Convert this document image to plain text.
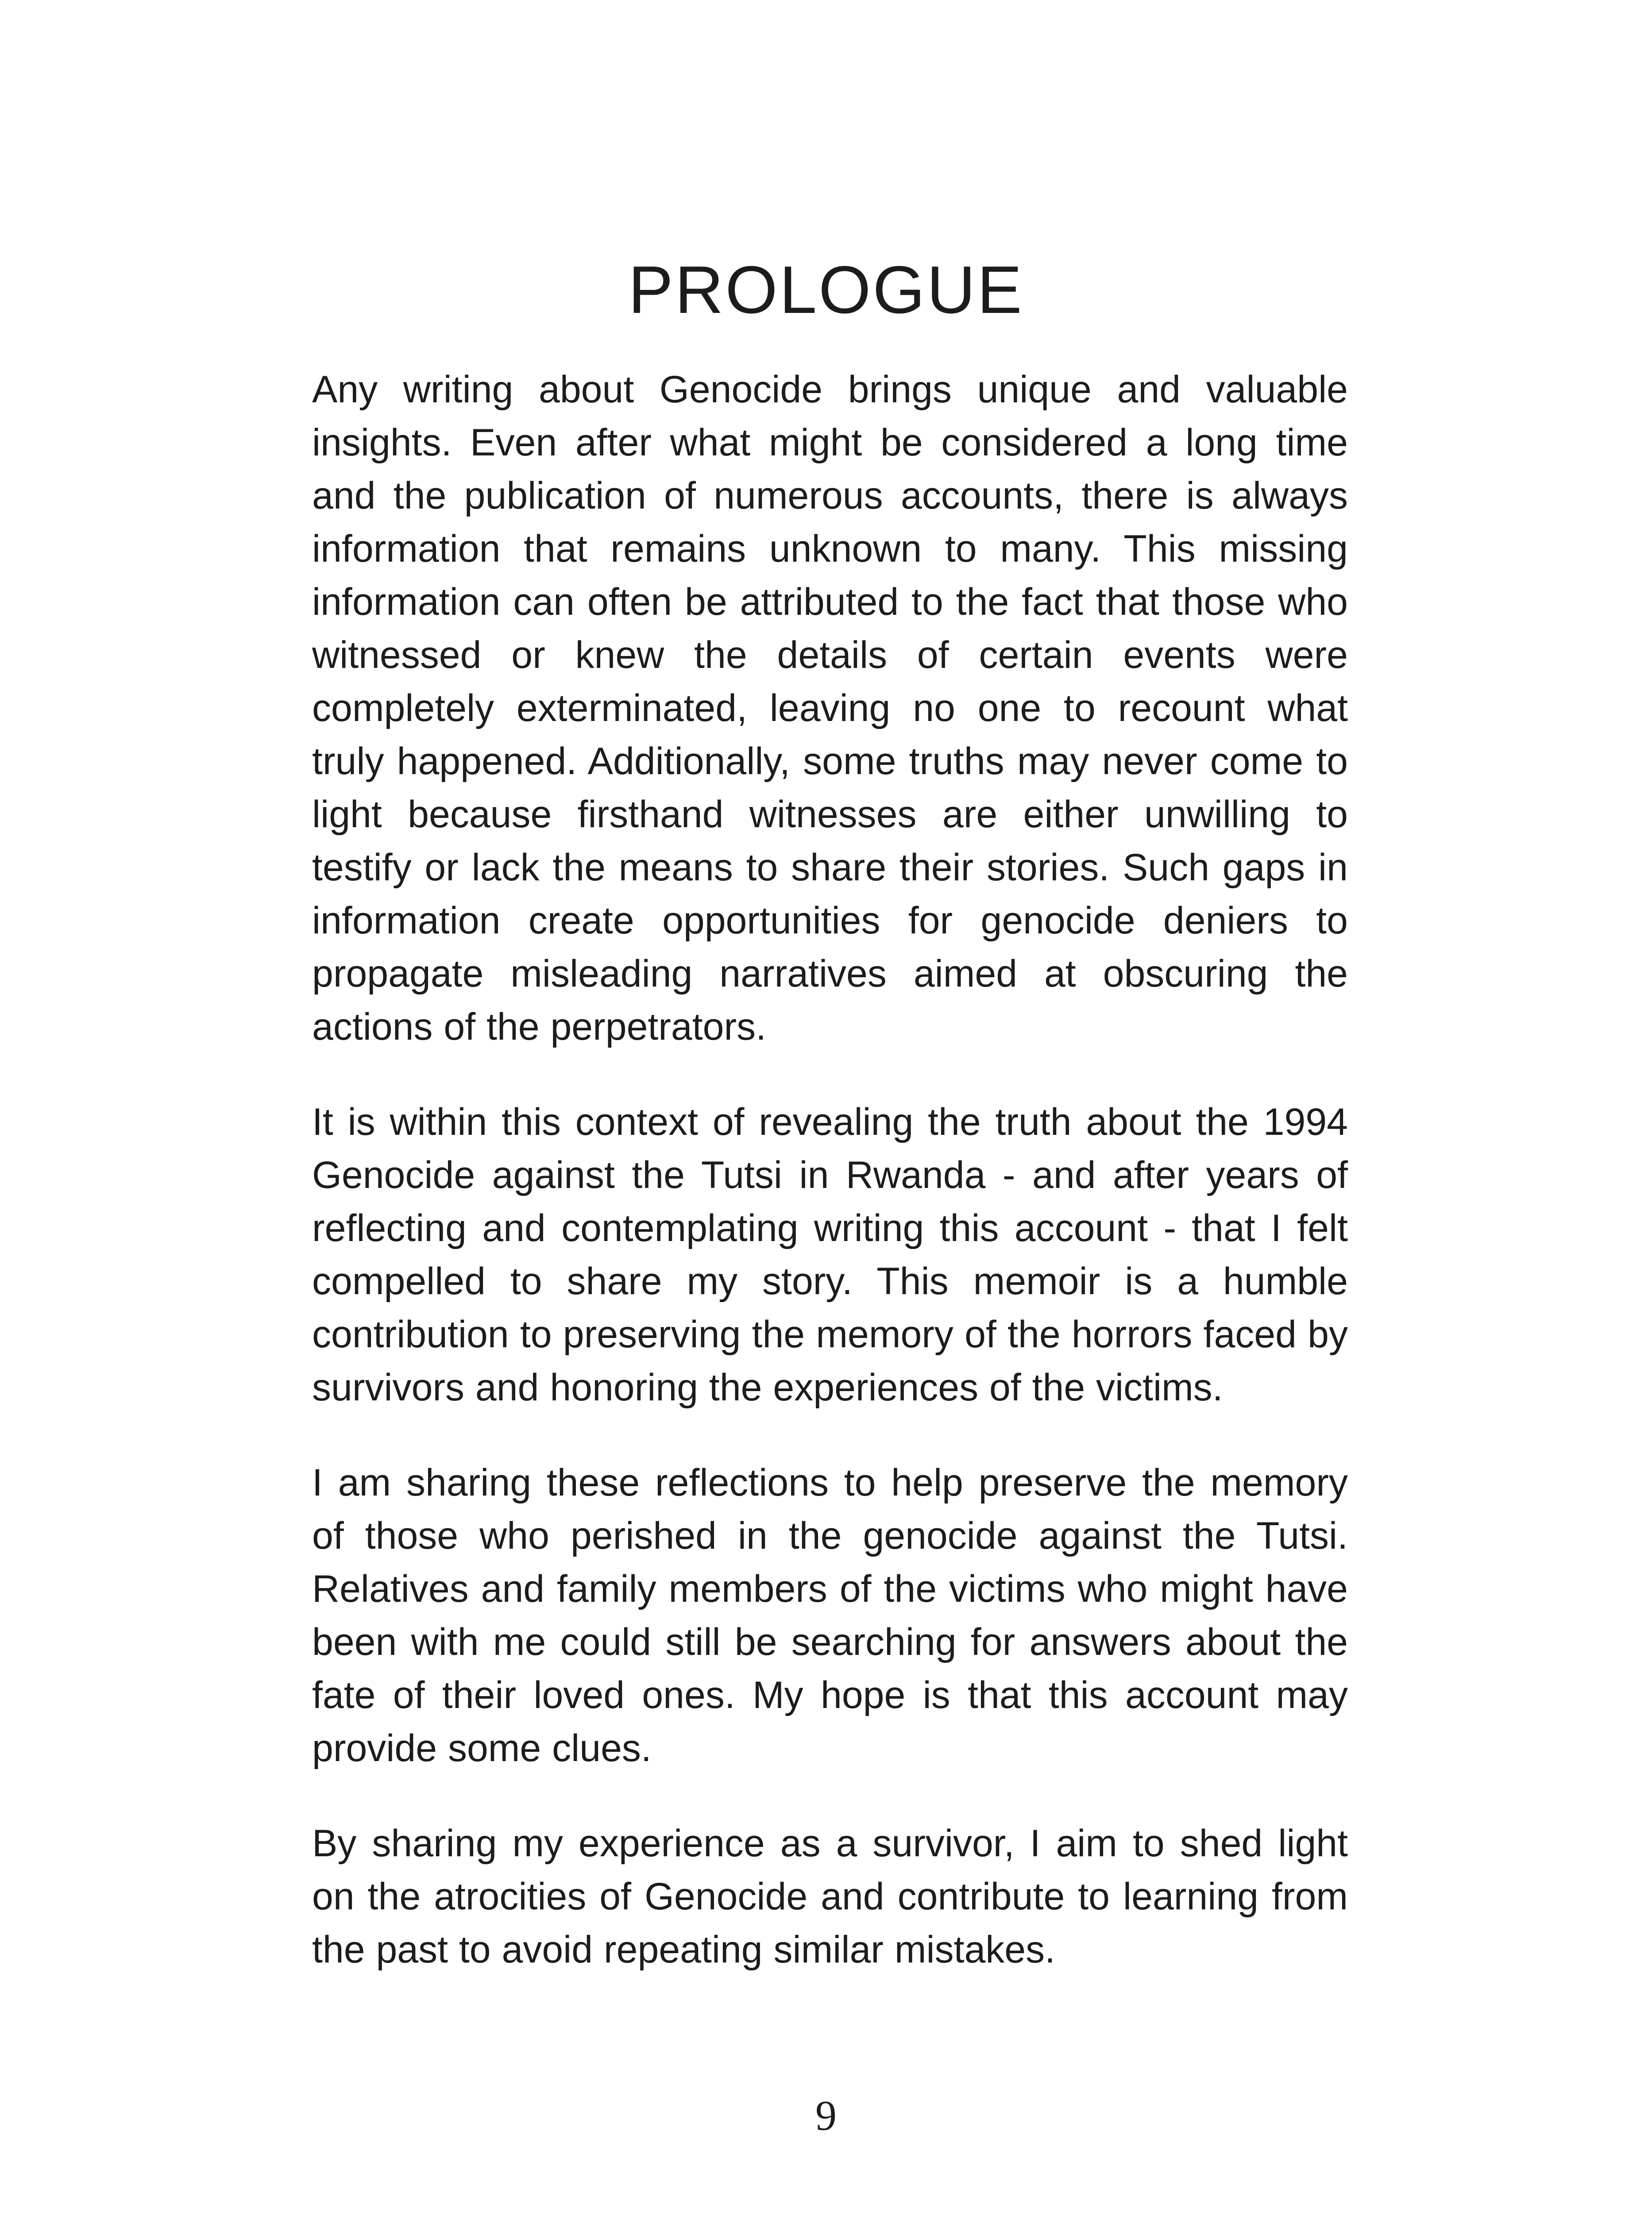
PROLOGUE

Any writing about Genocide brings unique and valuable insights. Even after what might be considered a long time and the publication of numerous accounts, there is always information that remains unknown to many. This missing information can often be attributed to the fact that those who witnessed or knew the details of certain events were completely exterminated, leaving no one to recount what truly happened. Additionally, some truths may never come to light because firsthand witnesses are either unwilling to testify or lack the means to share their stories. Such gaps in information create opportunities for genocide deniers to propagate misleading narratives aimed at obscuring the actions of the perpetrators.

It is within this context of revealing the truth about the 1994 Genocide against the Tutsi in Rwanda - and after years of reflecting and contemplating writing this account - that I felt compelled to share my story. This memoir is a humble contribution to preserving the memory of the horrors faced by survivors and honoring the experiences of the victims.

I am sharing these reflections to help preserve the memory of those who perished in the genocide against the Tutsi. Relatives and family members of the victims who might have been with me could still be searching for answers about the fate of their loved ones. My hope is that this account may provide some clues.

By sharing my experience as a survivor, I aim to shed light on the atrocities of Genocide and contribute to learning from the past to avoid repeating similar mistakes.

9
